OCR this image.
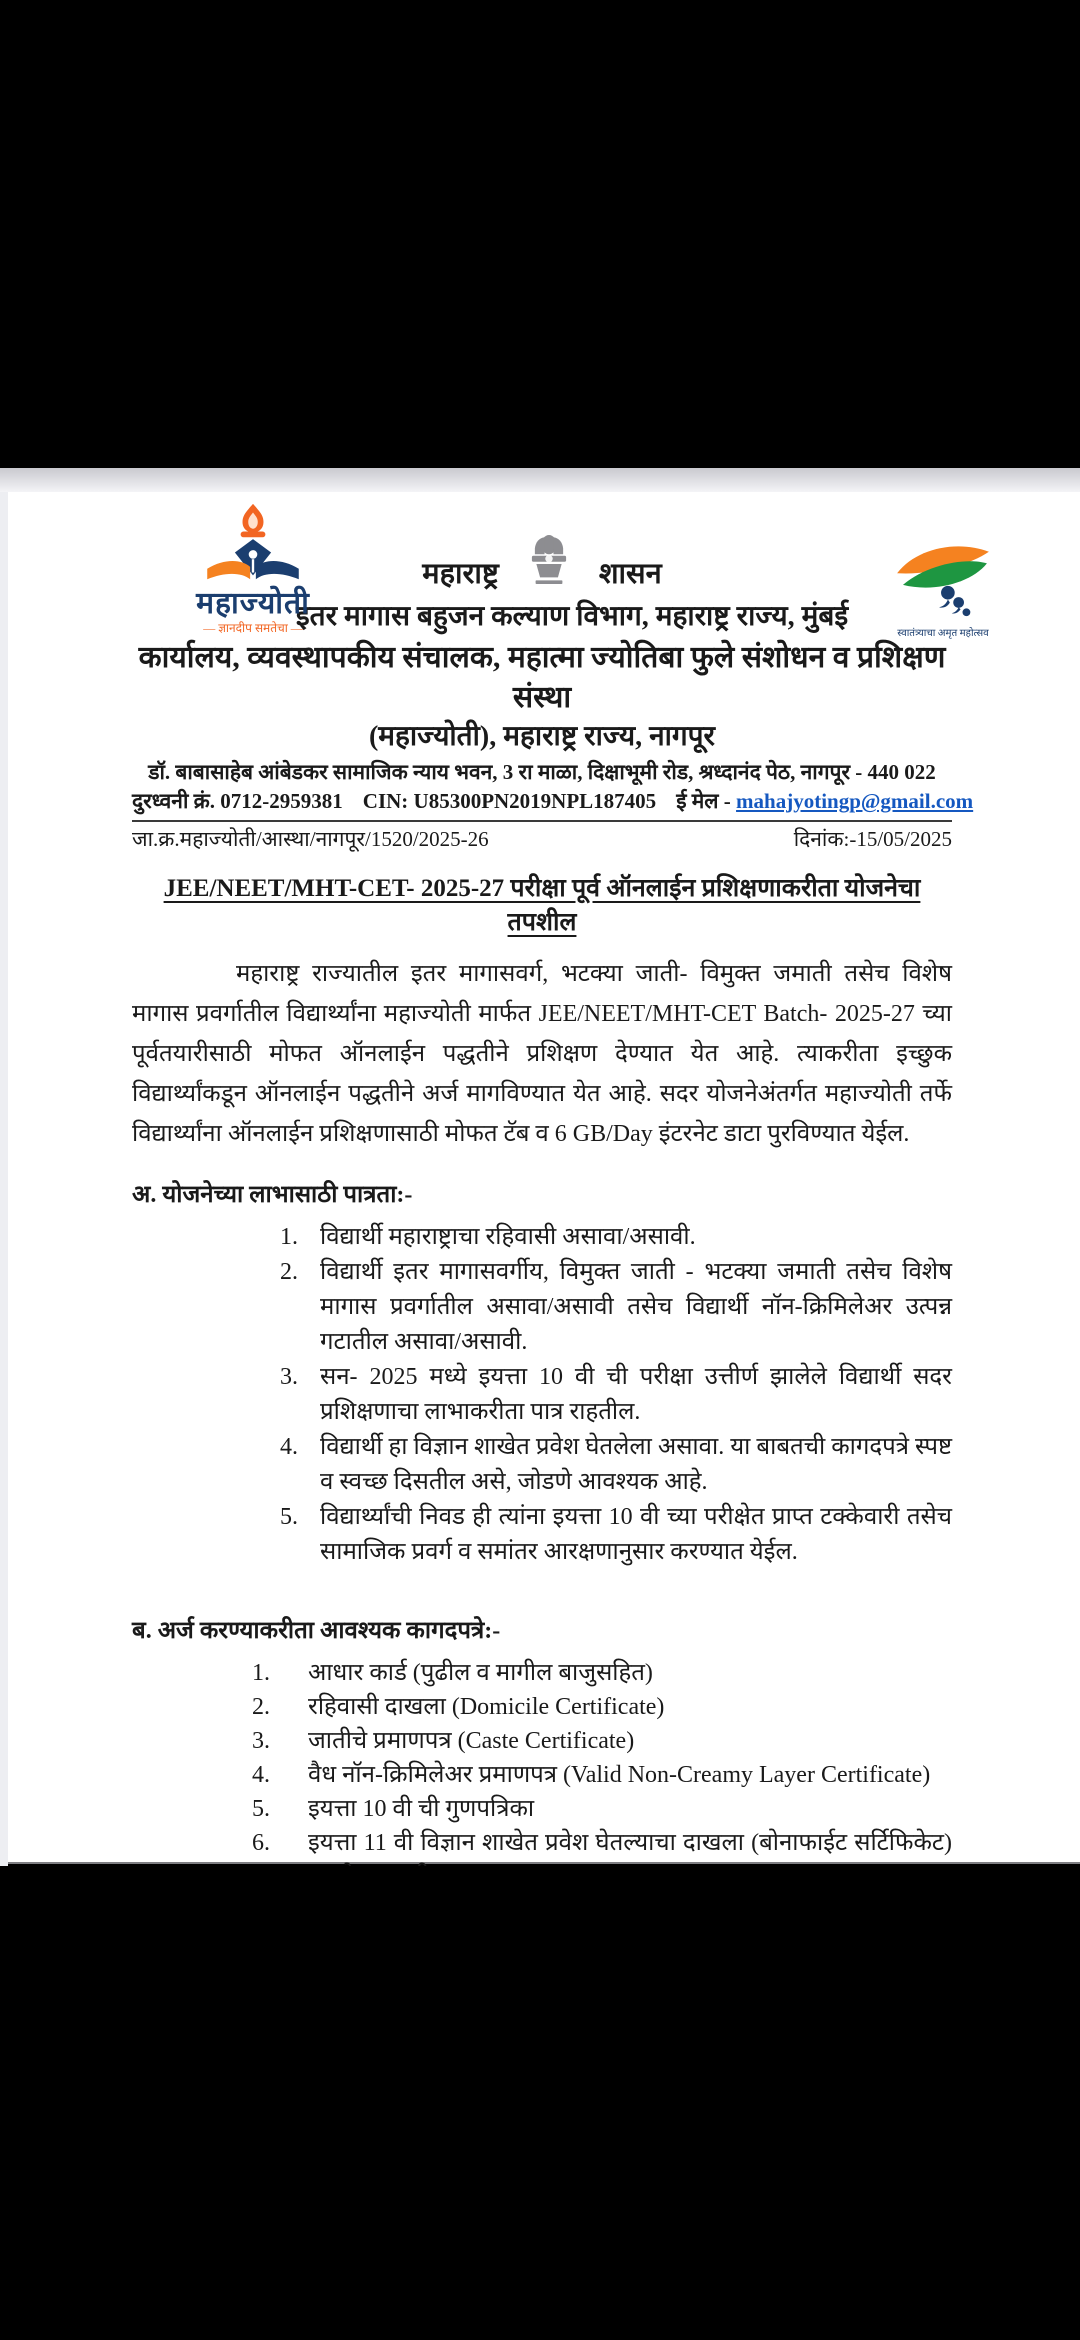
महाज्योती
— ज्ञानदीप समतेचा —	स्वातंत्र्याचा अमृत महोत्सव
महाराष्ट्र	शासन
इतर मागास बहुजन कल्याण विभाग, महाराष्ट्र राज्य, मुंबई
कार्यालय, व्यवस्थापकीय संचालक, महात्मा ज्योतिबा फुले संशोधन व प्रशिक्षण संस्था
(महाज्योती), महाराष्ट्र राज्य, नागपूर
डॉ. बाबासाहेब आंबेडकर सामाजिक न्याय भवन, 3 रा माळा, दिक्षाभूमी रोड, श्रध्दानंद पेठ, नागपूर - 440 022
दुरध्वनी क्रं. 0712-2959381 CIN: U85300PN2019NPL187405 ई मेल - mahajyotingp@gmail.com
जा.क्र.महाज्योती/आस्था/नागपूर/1520/2025-26	दिनांक:-15/05/2025
JEE/NEET/MHT-CET- 2025-27 परीक्षा पूर्व ऑनलाईन प्रशिक्षणाकरीता योजनेचा तपशील

महाराष्ट्र राज्यातील इतर मागासवर्ग, भटक्या जाती- विमुक्त जमाती तसेच विशेष मागास प्रवर्गातील विद्यार्थ्यांना महाज्योती मार्फत JEE/NEET/MHT-CET Batch- 2025-27 च्या पूर्वतयारीसाठी मोफत ऑनलाईन पद्धतीने प्रशिक्षण देण्यात येत आहे. त्याकरीता इच्छुक विद्यार्थ्यांकडून ऑनलाईन पद्धतीने अर्ज मागविण्यात येत आहे. सदर योजनेअंतर्गत महाज्योती तर्फे विद्यार्थ्यांना ऑनलाईन प्रशिक्षणासाठी मोफत टॅब व 6 GB/Day इंटरनेट डाटा पुरविण्यात येईल.

अ. योजनेच्या लाभासाठी पात्रता:-
विद्यार्थी महाराष्ट्राचा रहिवासी असावा/असावी.
विद्यार्थी इतर मागासवर्गीय, विमुक्त जाती - भटक्या जमाती तसेच विशेष मागास प्रवर्गातील असावा/असावी तसेच विद्यार्थी नॉन-क्रिमिलेअर उत्पन्न गटातील असावा/असावी.
सन- 2025 मध्ये इयत्ता 10 वी ची परीक्षा उत्तीर्ण झालेले विद्यार्थी सदर प्रशिक्षणाचा लाभाकरीता पात्र राहतील.
विद्यार्थी हा विज्ञान शाखेत प्रवेश घेतलेला असावा. या बाबतची कागदपत्रे स्पष्ट व स्वच्छ दिसतील असे, जोडणे आवश्यक आहे.
विद्यार्थ्यांची निवड ही त्यांना इयत्ता 10 वी च्या परीक्षेत प्राप्त टक्केवारी तसेच सामाजिक प्रवर्ग व समांतर आरक्षणानुसार करण्यात येईल.
ब. अर्ज करण्याकरीता आवश्यक कागदपत्रे:-
आधार कार्ड (पुढील व मागील बाजुसहित)
रहिवासी दाखला (Domicile Certificate)
जातीचे प्रमाणपत्र (Caste Certificate)
वैध नॉन-क्रिमिलेअर प्रमाणपत्र (Valid Non-Creamy Layer Certificate)
इयत्ता 10 वी ची गुणपत्रिका
इयत्ता 11 वी विज्ञान शाखेत प्रवेश घेतल्याचा दाखला (बोनाफाईट सर्टिफिकेट)
